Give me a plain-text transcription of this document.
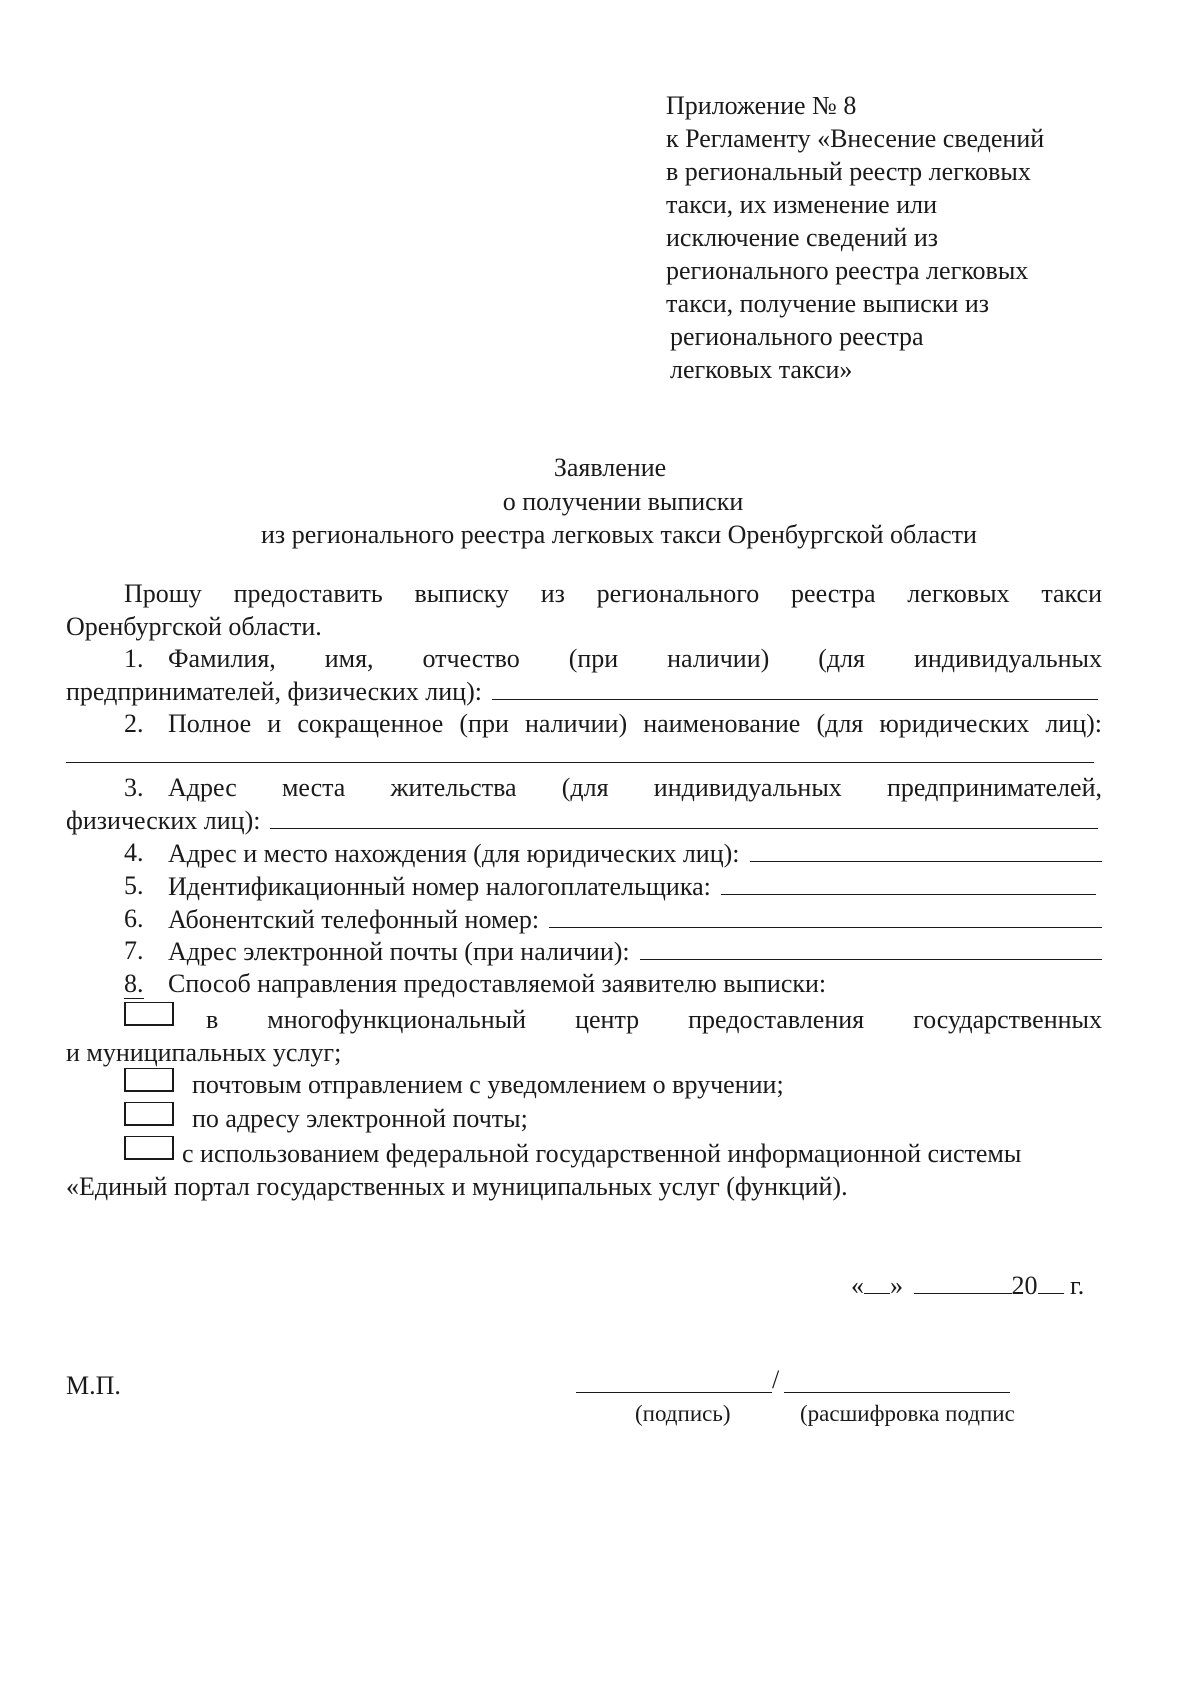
Приложение № 8
к Регламенту «Внесение сведений
в региональный реестр легковых
такси, их изменение или
исключение сведений из
регионального реестра легковых
такси, получение выписки из
регионального реестра
легковых такси»
Заявление
о получении выписки
из регионального реестра легковых такси Оренбургской области
Прошу предоставить выписку из регионального реестра легковых такси
Оренбургской области.
1. Фамилия, имя, отчество (при наличии) (для индивидуальных
предпринимателей, физических лиц):
2. Полное и сокращенное (при наличии) наименование (для юридических лиц):
3. Адрес места жительства (для индивидуальных предпринимателей,
физических лиц):
4. Адрес и место нахождения (для юридических лиц):
5. Идентификационный номер налогоплательщика:
6. Абонентский телефонный номер:
7. Адрес электронной почты (при наличии):
8. Способ направления предоставляемой заявителю выписки:
в многофункциональный центр предоставления государственных
и муниципальных услуг;
почтовым отправлением с уведомлением о вручении;
по адресу электронной почты;
с использованием федеральной государственной информационной системы
«Единый портал государственных и муниципальных услуг (функций).
« »	20 г.
М.П.	/
(подпись)	(расшифровка подпис
